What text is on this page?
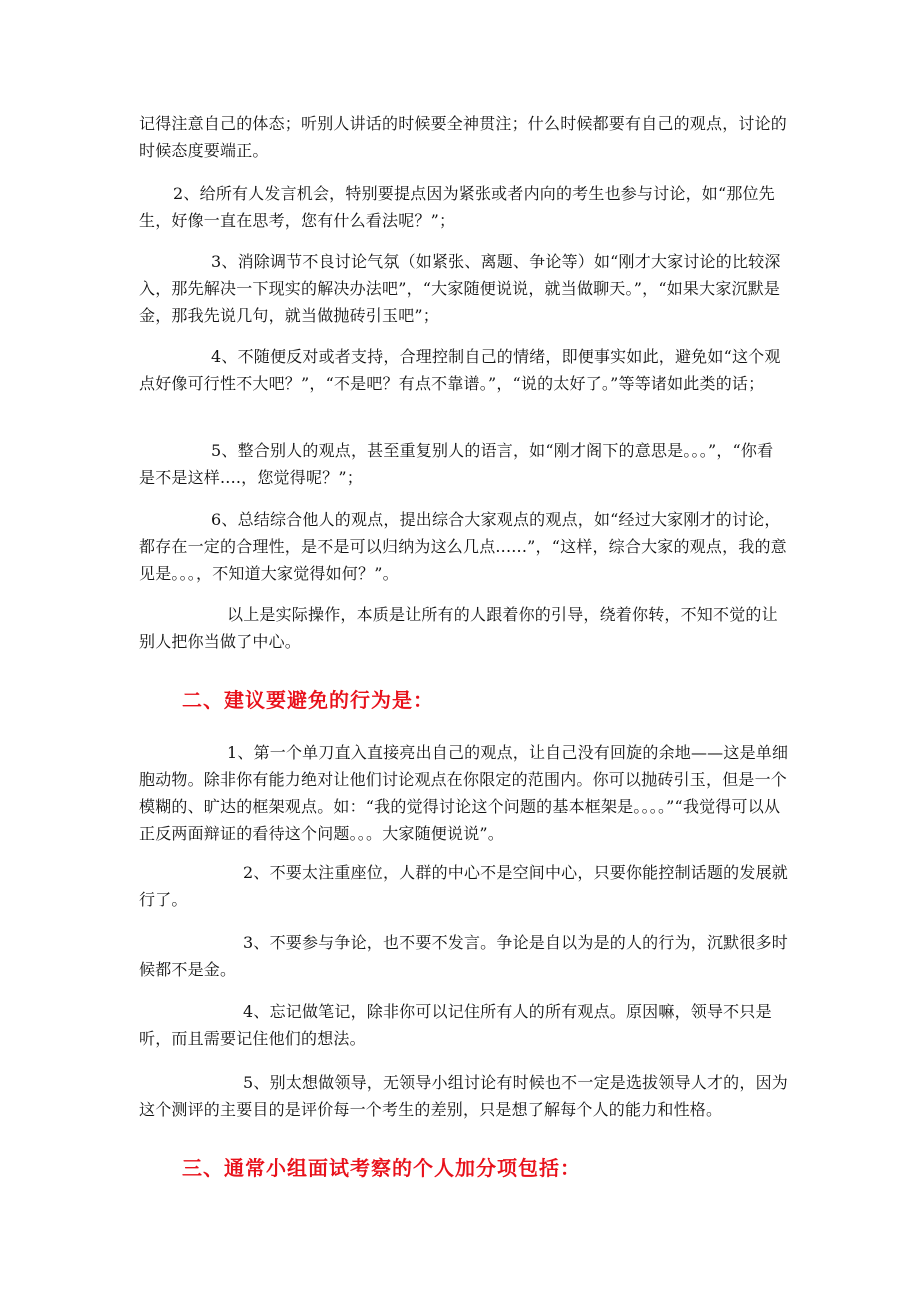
记得注意自己的体态；听别人讲话的时候要全神贯注；什么时候都要有自己的观点，讨论的时候态度要端正。

2、给所有人发言机会，特别要提点因为紧张或者内向的考生也参与讨论，如“那位先生，好像一直在思考，您有什么看法呢？”；

3、消除调节不良讨论气氛（如紧张、离题、争论等）如“刚才大家讨论的比较深入，那先解决一下现实的解决办法吧”，“大家随便说说，就当做聊天。”，“如果大家沉默是金，那我先说几句，就当做抛砖引玉吧”；

4、不随便反对或者支持，合理控制自己的情绪，即便事实如此，避免如“这个观点好像可行性不大吧？”，“不是吧？有点不靠谱。”，“说的太好了。”等等诸如此类的话；

5、整合别人的观点，甚至重复别人的语言，如“刚才阁下的意思是。。。”，“你看是不是这样....，您觉得呢？”；

6、总结综合他人的观点，提出综合大家观点的观点，如“经过大家刚才的讨论，都存在一定的合理性，是不是可以归纳为这么几点......”，“这样，综合大家的观点，我的意见是。。。，不知道大家觉得如何？”。

以上是实际操作，本质是让所有的人跟着你的引导，绕着你转，不知不觉的让别人把你当做了中心。

二、建议要避免的行为是：

1、第一个单刀直入直接亮出自己的观点，让自己没有回旋的余地——这是单细胞动物。除非你有能力绝对让他们讨论观点在你限定的范围内。你可以抛砖引玉，但是一个模糊的、旷达的框架观点。如：“我的觉得讨论这个问题的基本框架是。。。。”“我觉得可以从正反两面辩证的看待这个问题。。。大家随便说说”。

2、不要太注重座位，人群的中心不是空间中心，只要你能控制话题的发展就行了。

3、不要参与争论，也不要不发言。争论是自以为是的人的行为，沉默很多时候都不是金。

4、忘记做笔记，除非你可以记住所有人的所有观点。原因嘛，领导不只是听，而且需要记住他们的想法。

5、别太想做领导，无领导小组讨论有时候也不一定是选拔领导人才的，因为这个测评的主要目的是评价每一个考生的差别，只是想了解每个人的能力和性格。

三、通常小组面试考察的个人加分项包括：
